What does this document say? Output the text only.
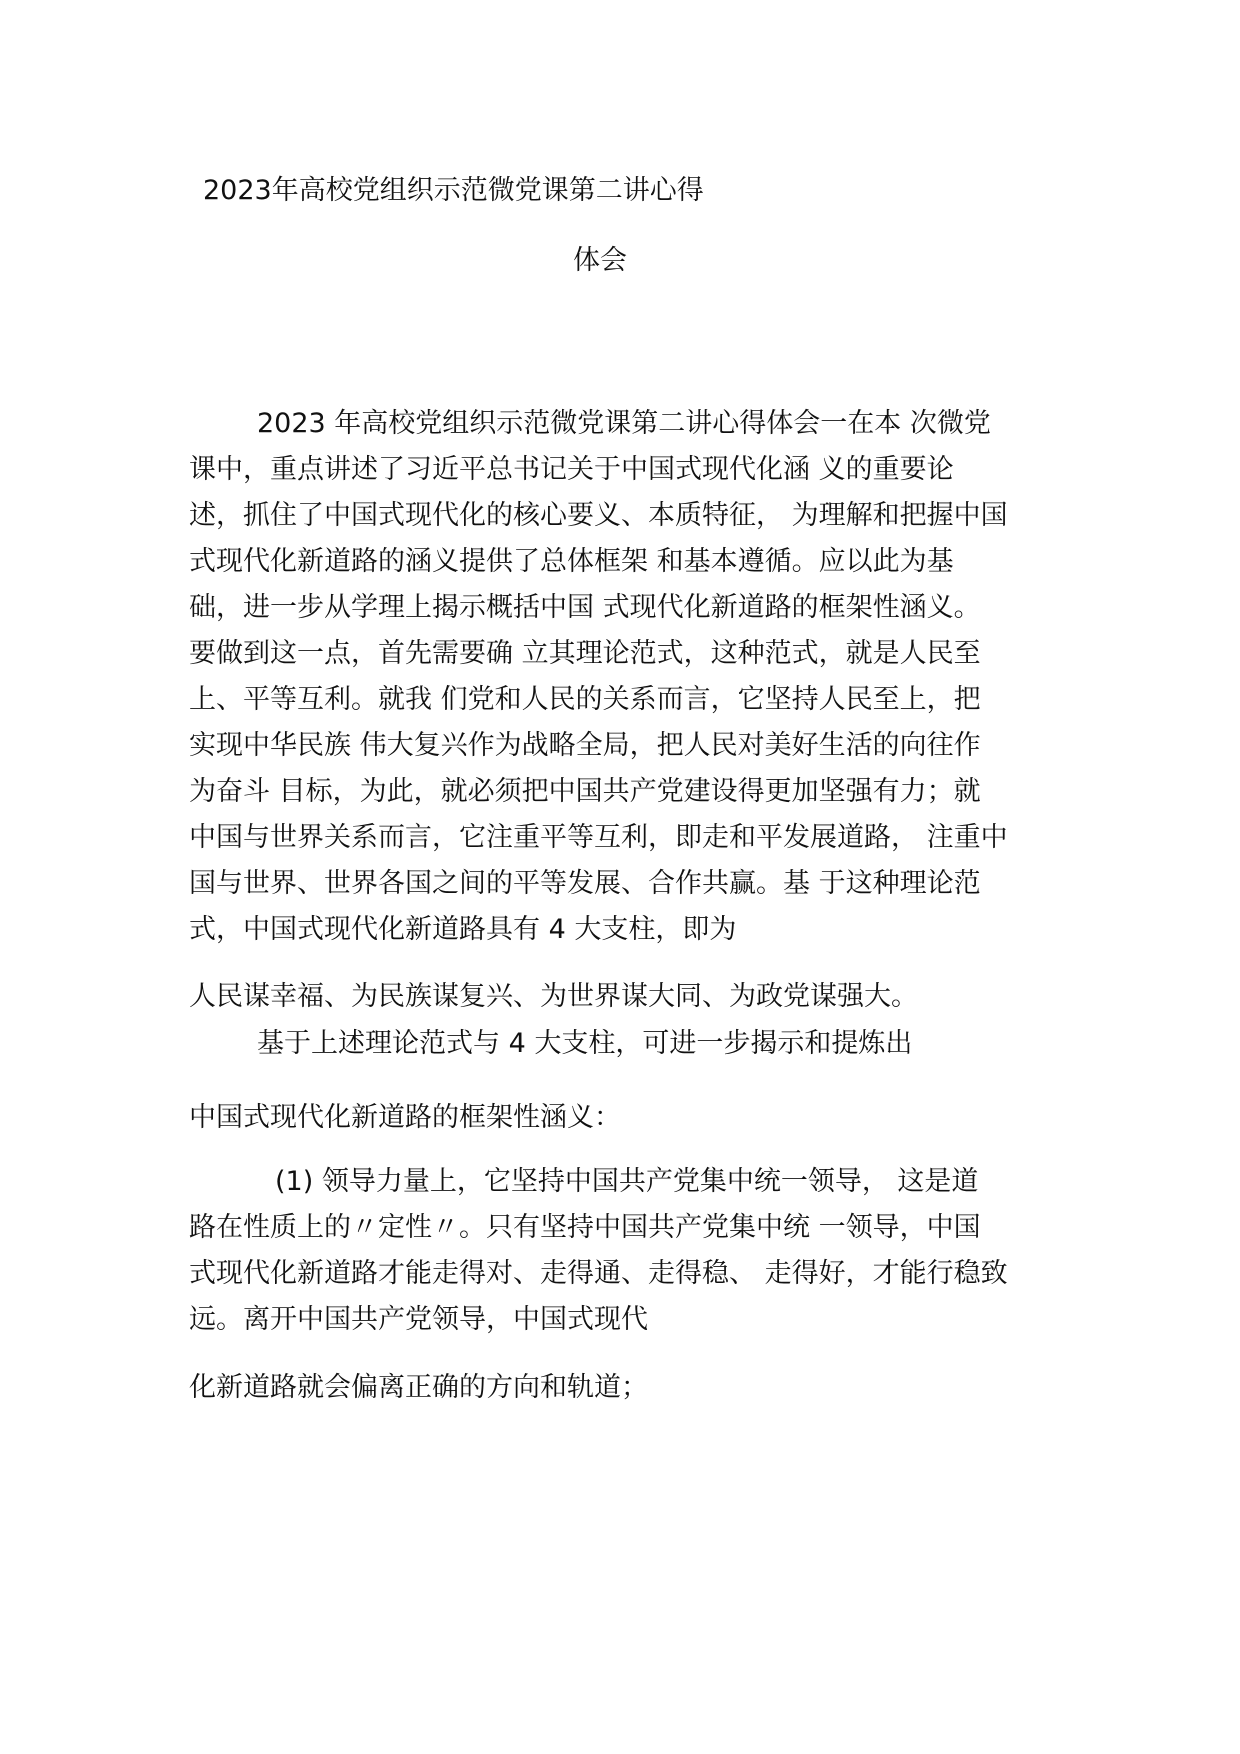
2023年高校党组织示范微党课第二讲心得
体会

2023 年高校党组织示范微党课第二讲心得体会一在本 次微党

课中，重点讲述了习近平总书记关于中国式现代化涵 义的重要论

述，抓住了中国式现代化的核心要义、本质特征， 为理解和把握中国

式现代化新道路的涵义提供了总体框架 和基本遵循。应以此为基

础，进一步从学理上揭示概括中国 式现代化新道路的框架性涵义。

要做到这一点，首先需要确 立其理论范式，这种范式，就是人民至

上、平等互利。就我 们党和人民的关系而言，它坚持人民至上，把

实现中华民族 伟大复兴作为战略全局，把人民对美好生活的向往作

为奋斗 目标，为此，就必须把中国共产党建设得更加坚强有力；就

中国与世界关系而言，它注重平等互利，即走和平发展道路， 注重中

国与世界、世界各国之间的平等发展、合作共赢。基 于这种理论范

式，中国式现代化新道路具有 4 大支柱，即为

人民谋幸福、为民族谋复兴、为世界谋大同、为政党谋强大。

基于上述理论范式与 4 大支柱，可进一步揭示和提炼出

中国式现代化新道路的框架性涵义：

(1) 领导力量上，它坚持中国共产党集中统一领导， 这是道

路在性质上的〃定性〃。只有坚持中国共产党集中统 一领导，中国

式现代化新道路才能走得对、走得通、走得稳、 走得好，才能行稳致

远。离开中国共产党领导，中国式现代

化新道路就会偏离正确的方向和轨道；
